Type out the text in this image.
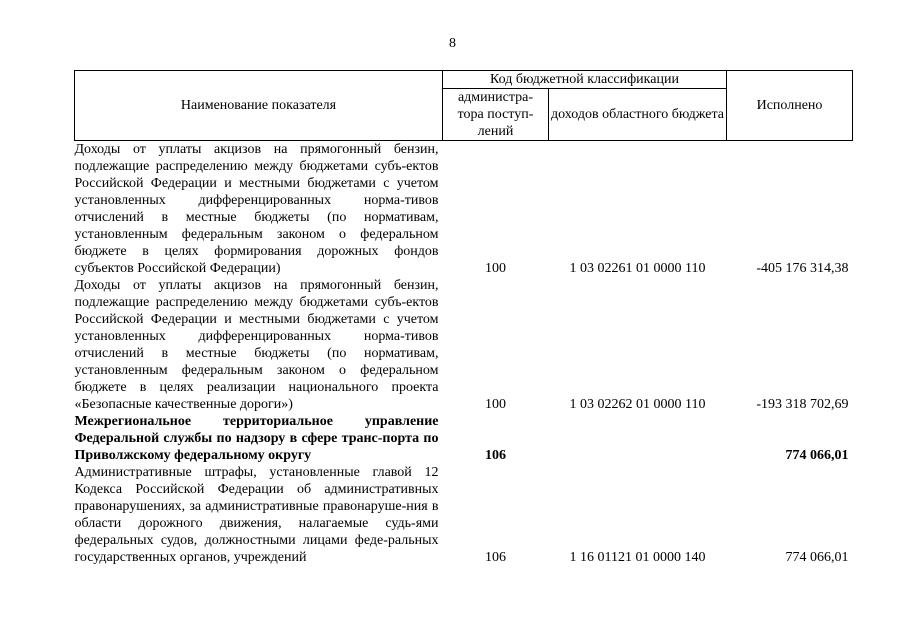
8
Наименование показателя	Код бюджетной классификации		Исполнено
	администра-тора поступ-лений	доходов областного бюджета	
Доходы от уплаты акцизов на прямогонный бензин, подлежащие распределению между бюджетами субъ-ектов Российской Федерации и местными бюджетами с учетом установленных дифференцированных норма-тивов отчислений в местные бюджеты (по нормативам, установленным федеральным законом о федеральном бюджете в целях формирования дорожных фондов субъектов Российской Федерации)	100	1 03 02261 01 0000 110	-405 176 314,38
Доходы от уплаты акцизов на прямогонный бензин, подлежащие распределению между бюджетами субъ-ектов Российской Федерации и местными бюджетами с учетом установленных дифференцированных норма-тивов отчислений в местные бюджеты (по нормативам, установленным федеральным законом о федеральном бюджете в целях реализации национального проекта «Безопасные качественные дороги»)	100	1 03 02262 01 0000 110	-193 318 702,69
Межрегиональное территориальное управление Федеральной службы по надзору в сфере транс-порта по Приволжскому федеральному округу	106		774 066,01
Административные штрафы, установленные главой 12 Кодекса Российской Федерации об административных правонарушениях, за административные правонаруше-ния в области дорожного движения, налагаемые судь-ями федеральных судов, должностными лицами феде-ральных государственных органов, учреждений	106	1 16 01121 01 0000 140	774 066,01
